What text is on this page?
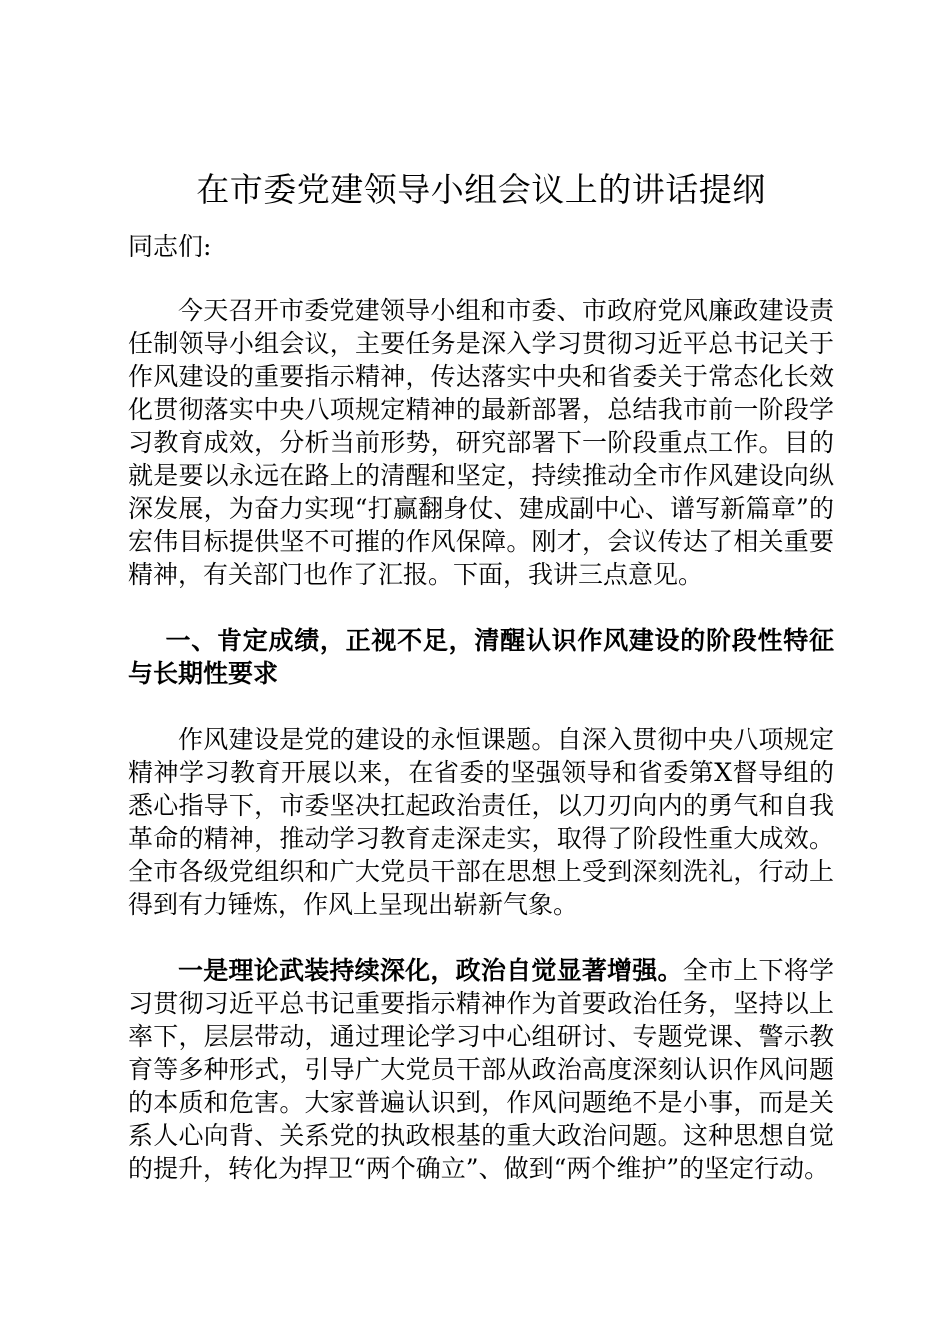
在市委党建领导小组会议上的讲话提纲

同志们:

今天召开市委党建领导小组和市委、市政府党风廉政建设责任制领导小组会议，主要任务是深入学习贯彻习近平总书记关于作风建设的重要指示精神，传达落实中央和省委关于常态化长效化贯彻落实中央八项规定精神的最新部署，总结我市前一阶段学习教育成效，分析当前形势，研究部署下一阶段重点工作。目的就是要以永远在路上的清醒和坚定，持续推动全市作风建设向纵深发展，为奋力实现“打赢翻身仗、建成副中心、谱写新篇章”的宏伟目标提供坚不可摧的作风保障。刚才，会议传达了相关重要精神，有关部门也作了汇报。下面，我讲三点意见。

一、肯定成绩，正视不足，清醒认识作风建设的阶段性特征与长期性要求

作风建设是党的建设的永恒课题。自深入贯彻中央八项规定精神学习教育开展以来，在省委的坚强领导和省委第X督导组的悉心指导下，市委坚决扛起政治责任，以刀刃向内的勇气和自我革命的精神，推动学习教育走深走实，取得了阶段性重大成效。全市各级党组织和广大党员干部在思想上受到深刻洗礼，行动上得到有力锤炼，作风上呈现出崭新气象。

一是理论武装持续深化，政治自觉显著增强。全市上下将学习贯彻习近平总书记重要指示精神作为首要政治任务，坚持以上率下，层层带动，通过理论学习中心组研讨、专题党课、警示教育等多种形式，引导广大党员干部从政治高度深刻认识作风问题的本质和危害。大家普遍认识到，作风问题绝不是小事，而是关系人心向背、关系党的执政根基的重大政治问题。这种思想自觉的提升，转化为捍卫“两个确立”、做到“两个维护”的坚定行动。
